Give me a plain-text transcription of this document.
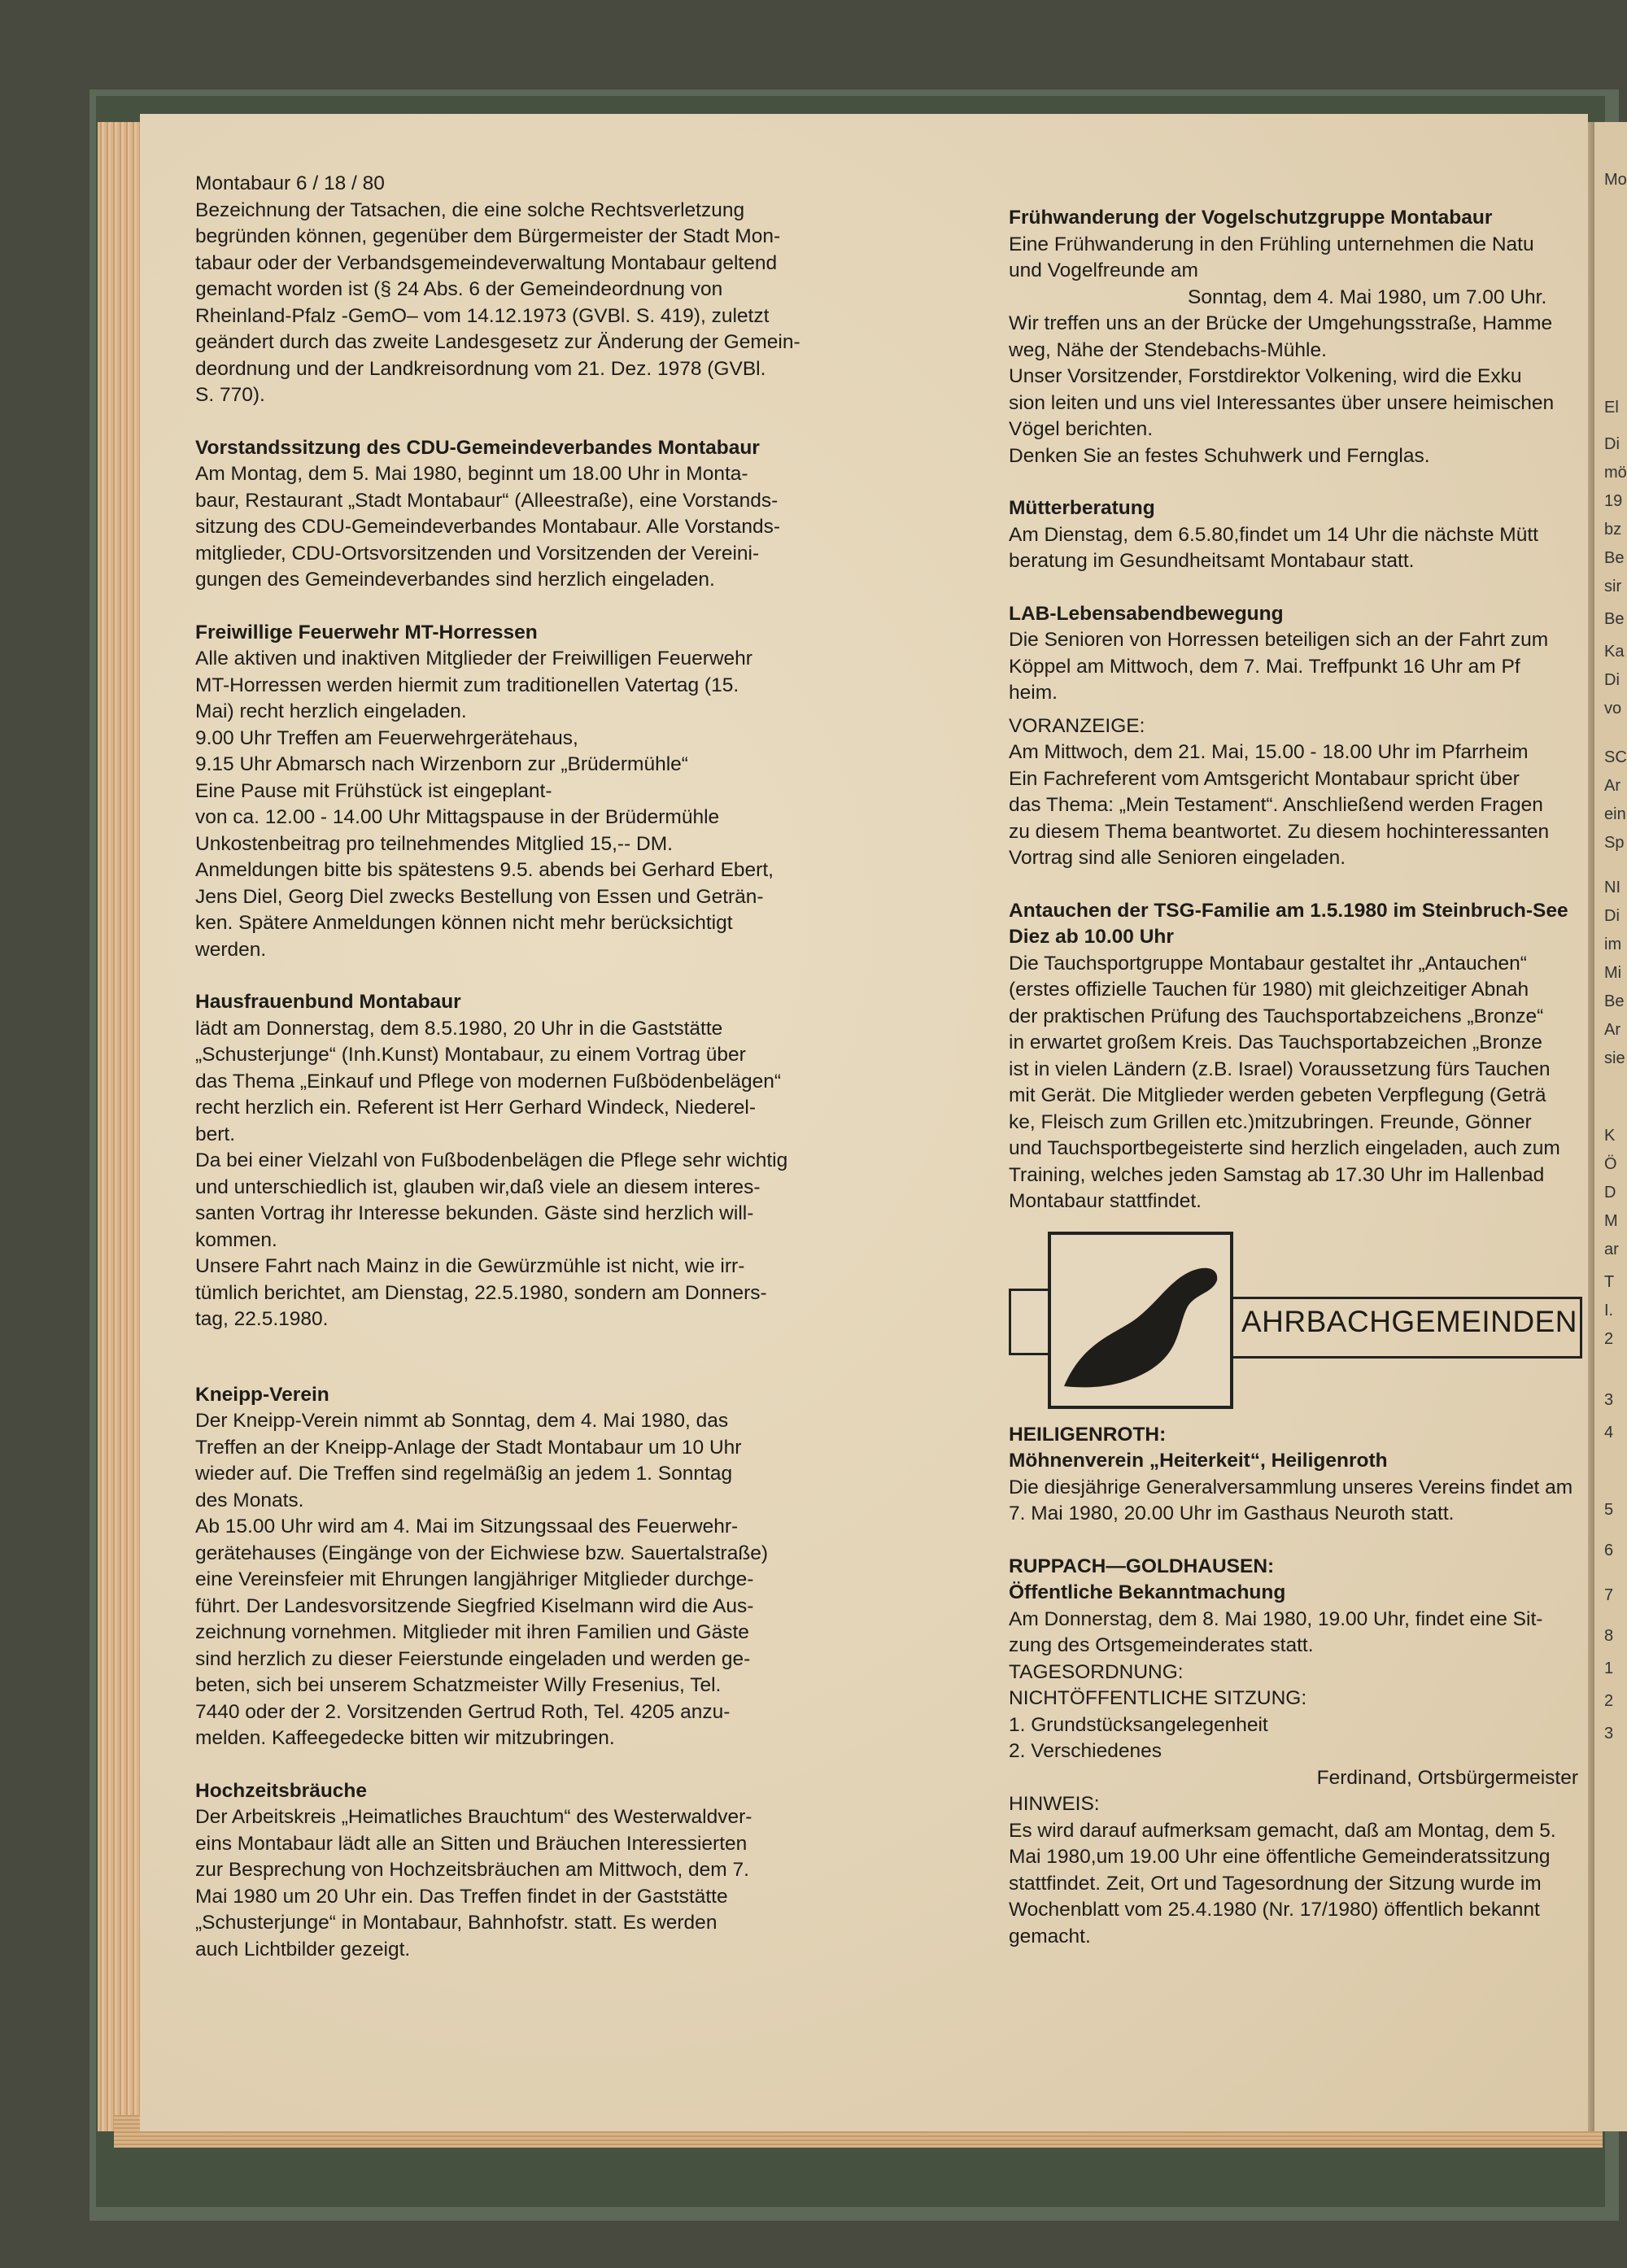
Mo
El
Di
mö
19
bz
Be
sir
Be
Ka
Di
vo
SC
Ar
ein
Sp
NI
Di
im
Mi
Be
Ar
sie
K
Ö
D
M
ar
T
I.
2
3
4
5
6
7
8
1
2
3

Montabaur 6 / 18 / 80

Bezeichnung der Tatsachen, die eine solche Rechtsverletzung

begründen können, gegenüber dem Bürgermeister der Stadt Mon-

tabaur oder der Verbandsgemeindeverwaltung Montabaur geltend

gemacht worden ist (§ 24 Abs. 6 der Gemeindeordnung von

Rheinland-Pfalz -GemO– vom 14.12.1973 (GVBl. S. 419), zuletzt

geändert durch das zweite Landesgesetz zur Änderung der Gemein-

deordnung und der Landkreisordnung vom 21. Dez. 1978 (GVBl.

S. 770).

Vorstandssitzung des CDU-Gemeindeverbandes Montabaur

Am Montag, dem 5. Mai 1980, beginnt um 18.00 Uhr in Monta-

baur, Restaurant „Stadt Montabaur“ (Alleestraße), eine Vorstands-

sitzung des CDU-Gemeindeverbandes Montabaur. Alle Vorstands-

mitglieder, CDU-Ortsvorsitzenden und Vorsitzenden der Vereini-

gungen des Gemeindeverbandes sind herzlich eingeladen.

Freiwillige Feuerwehr MT-Horressen

Alle aktiven und inaktiven Mitglieder der Freiwilligen Feuerwehr

MT-Horressen werden hiermit zum traditionellen Vatertag (15.

Mai) recht herzlich eingeladen.

9.00 Uhr Treffen am Feuerwehrgerätehaus,

9.15 Uhr Abmarsch nach Wirzenborn zur „Brüdermühle“

Eine Pause mit Frühstück ist eingeplant-

von ca. 12.00 - 14.00 Uhr Mittagspause in der Brüdermühle

Unkostenbeitrag pro teilnehmendes Mitglied 15,-- DM.

Anmeldungen bitte bis spätestens 9.5. abends bei Gerhard Ebert,

Jens Diel, Georg Diel zwecks Bestellung von Essen und Geträn-

ken. Spätere Anmeldungen können nicht mehr berücksichtigt

werden.

Hausfrauenbund Montabaur

lädt am Donnerstag, dem 8.5.1980, 20 Uhr in die Gaststätte

„Schusterjunge“ (Inh.Kunst) Montabaur, zu einem Vortrag über

das Thema „Einkauf und Pflege von modernen Fußbödenbelägen“

recht herzlich ein. Referent ist Herr Gerhard Windeck, Niederel-

bert.

Da bei einer Vielzahl von Fußbodenbelägen die Pflege sehr wichtig

und unterschiedlich ist, glauben wir,daß viele an diesem interes-

santen Vortrag ihr Interesse bekunden. Gäste sind herzlich will-

kommen.

Unsere Fahrt nach Mainz in die Gewürzmühle ist nicht, wie irr-

tümlich berichtet, am Dienstag, 22.5.1980, sondern am Donners-

tag, 22.5.1980.

Kneipp-Verein

Der Kneipp-Verein nimmt ab Sonntag, dem 4. Mai 1980, das

Treffen an der Kneipp-Anlage der Stadt Montabaur um 10 Uhr

wieder auf. Die Treffen sind regelmäßig an jedem 1. Sonntag

des Monats.

Ab 15.00 Uhr wird am 4. Mai im Sitzungssaal des Feuerwehr-

gerätehauses (Eingänge von der Eichwiese bzw. Sauertalstraße)

eine Vereinsfeier mit Ehrungen langjähriger Mitglieder durchge-

führt. Der Landesvorsitzende Siegfried Kiselmann wird die Aus-

zeichnung vornehmen. Mitglieder mit ihren Familien und Gäste

sind herzlich zu dieser Feierstunde eingeladen und werden ge-

beten, sich bei unserem Schatzmeister Willy Fresenius, Tel.

7440 oder der 2. Vorsitzenden Gertrud Roth, Tel. 4205 anzu-

melden. Kaffeegedecke bitten wir mitzubringen.

Hochzeitsbräuche

Der Arbeitskreis „Heimatliches Brauchtum“ des Westerwaldver-

eins Montabaur lädt alle an Sitten und Bräuchen Interessierten

zur Besprechung von Hochzeitsbräuchen am Mittwoch, dem 7.

Mai 1980 um 20 Uhr ein. Das Treffen findet in der Gaststätte

„Schusterjunge“ in Montabaur, Bahnhofstr. statt. Es werden

auch Lichtbilder gezeigt.

Frühwanderung der Vogelschutzgruppe Montabaur

Eine Frühwanderung in den Frühling unternehmen die Natu

und Vogelfreunde am

Sonntag, dem 4. Mai 1980, um 7.00 Uhr.

Wir treffen uns an der Brücke der Umgehungsstraße, Hamme

weg, Nähe der Stendebachs-Mühle.

Unser Vorsitzender, Forstdirektor Volkening, wird die Exku

sion leiten und uns viel Interessantes über unsere heimischen

Vögel berichten.

Denken Sie an festes Schuhwerk und Fernglas.

Mütterberatung

Am Dienstag, dem 6.5.80,findet um 14 Uhr die nächste Mütt

beratung im Gesundheitsamt Montabaur statt.

LAB-Lebensabendbewegung

Die Senioren von Horressen beteiligen sich an der Fahrt zum

Köppel am Mittwoch, dem 7. Mai. Treffpunkt 16 Uhr am Pf

heim.

VORANZEIGE:

Am Mittwoch, dem 21. Mai, 15.00 - 18.00 Uhr im Pfarrheim

Ein Fachreferent vom Amtsgericht Montabaur spricht über

das Thema: „Mein Testament“. Anschließend werden Fragen

zu diesem Thema beantwortet. Zu diesem hochinteressanten

Vortrag sind alle Senioren eingeladen.

Antauchen der TSG-Familie am 1.5.1980 im Steinbruch-See

Diez ab 10.00 Uhr

Die Tauchsportgruppe Montabaur gestaltet ihr „Antauchen“

(erstes offizielle Tauchen für 1980) mit gleichzeitiger Abnah

der praktischen Prüfung des Tauchsportabzeichens „Bronze“

in erwartet großem Kreis. Das Tauchsportabzeichen „Bronze

ist in vielen Ländern (z.B. Israel) Voraussetzung fürs Tauchen

mit Gerät. Die Mitglieder werden gebeten Verpflegung (Geträ

ke, Fleisch zum Grillen etc.)mitzubringen. Freunde, Gönner

und Tauchsportbegeisterte sind herzlich eingeladen, auch zum

Training, welches jeden Samstag ab 17.30 Uhr im Hallenbad

Montabaur stattfindet.

AHRBACHGEMEINDEN

HEILIGENROTH:

Möhnenverein „Heiterkeit“, Heiligenroth

Die diesjährige Generalversammlung unseres Vereins findet am

7. Mai 1980, 20.00 Uhr im Gasthaus Neuroth statt.

RUPPACH—GOLDHAUSEN:

Öffentliche Bekanntmachung

Am Donnerstag, dem 8. Mai 1980, 19.00 Uhr, findet eine Sit-

zung des Ortsgemeinderates statt.

TAGESORDNUNG:

NICHTÖFFENTLICHE SITZUNG:

1. Grundstücksangelegenheit

2. Verschiedenes

Ferdinand, Ortsbürgermeister

HINWEIS:

Es wird darauf aufmerksam gemacht, daß am Montag, dem 5.

Mai 1980,um 19.00 Uhr eine öffentliche Gemeinderatssitzung

stattfindet. Zeit, Ort und Tagesordnung der Sitzung wurde im

Wochenblatt vom 25.4.1980 (Nr. 17/1980) öffentlich bekannt

gemacht.
